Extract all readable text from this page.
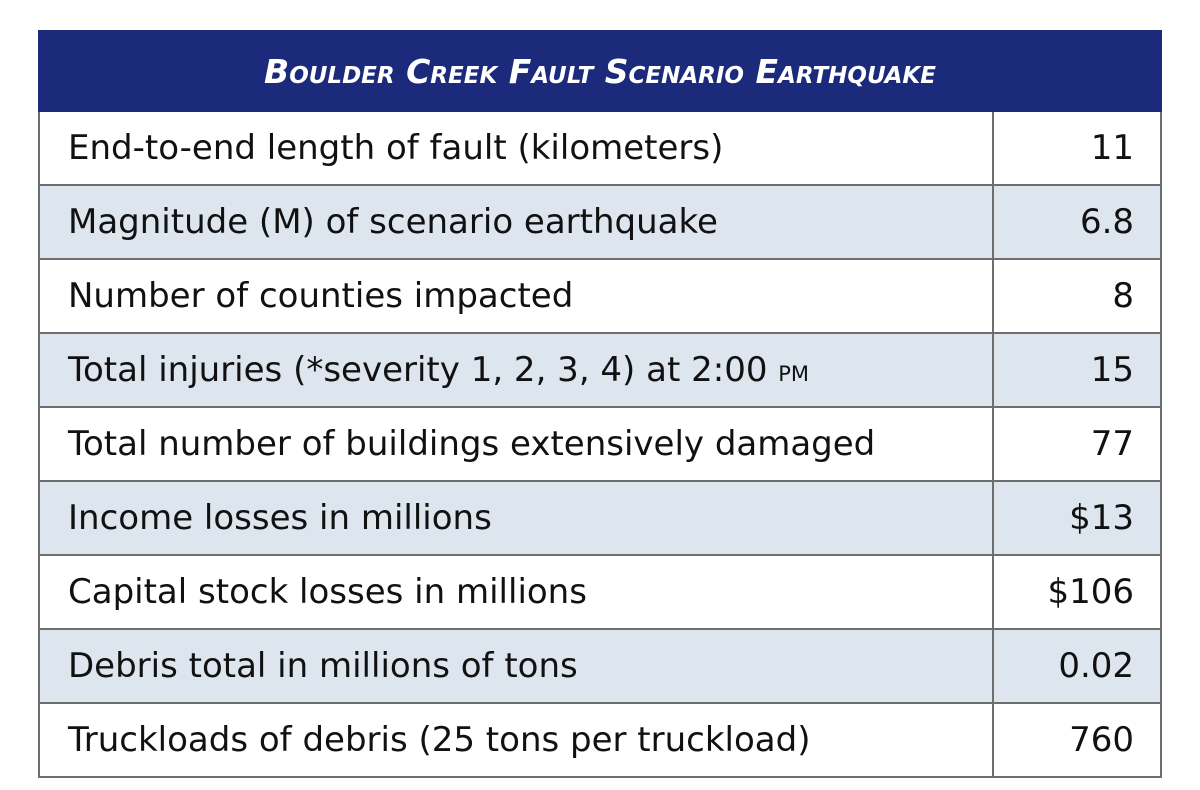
Boulder Creek Fault Scenario Earthquake	
End-to-end length of fault (kilometers)	11
Magnitude (M) of scenario earthquake	6.8
Number of counties impacted	8
Total injuries (*severity 1, 2, 3, 4) at 2:00 pm	15
Total number of buildings extensively damaged	77
Income losses in millions	$13
Capital stock losses in millions	$106
Debris total in millions of tons	0.02
Truckloads of debris (25 tons per truckload)	760
